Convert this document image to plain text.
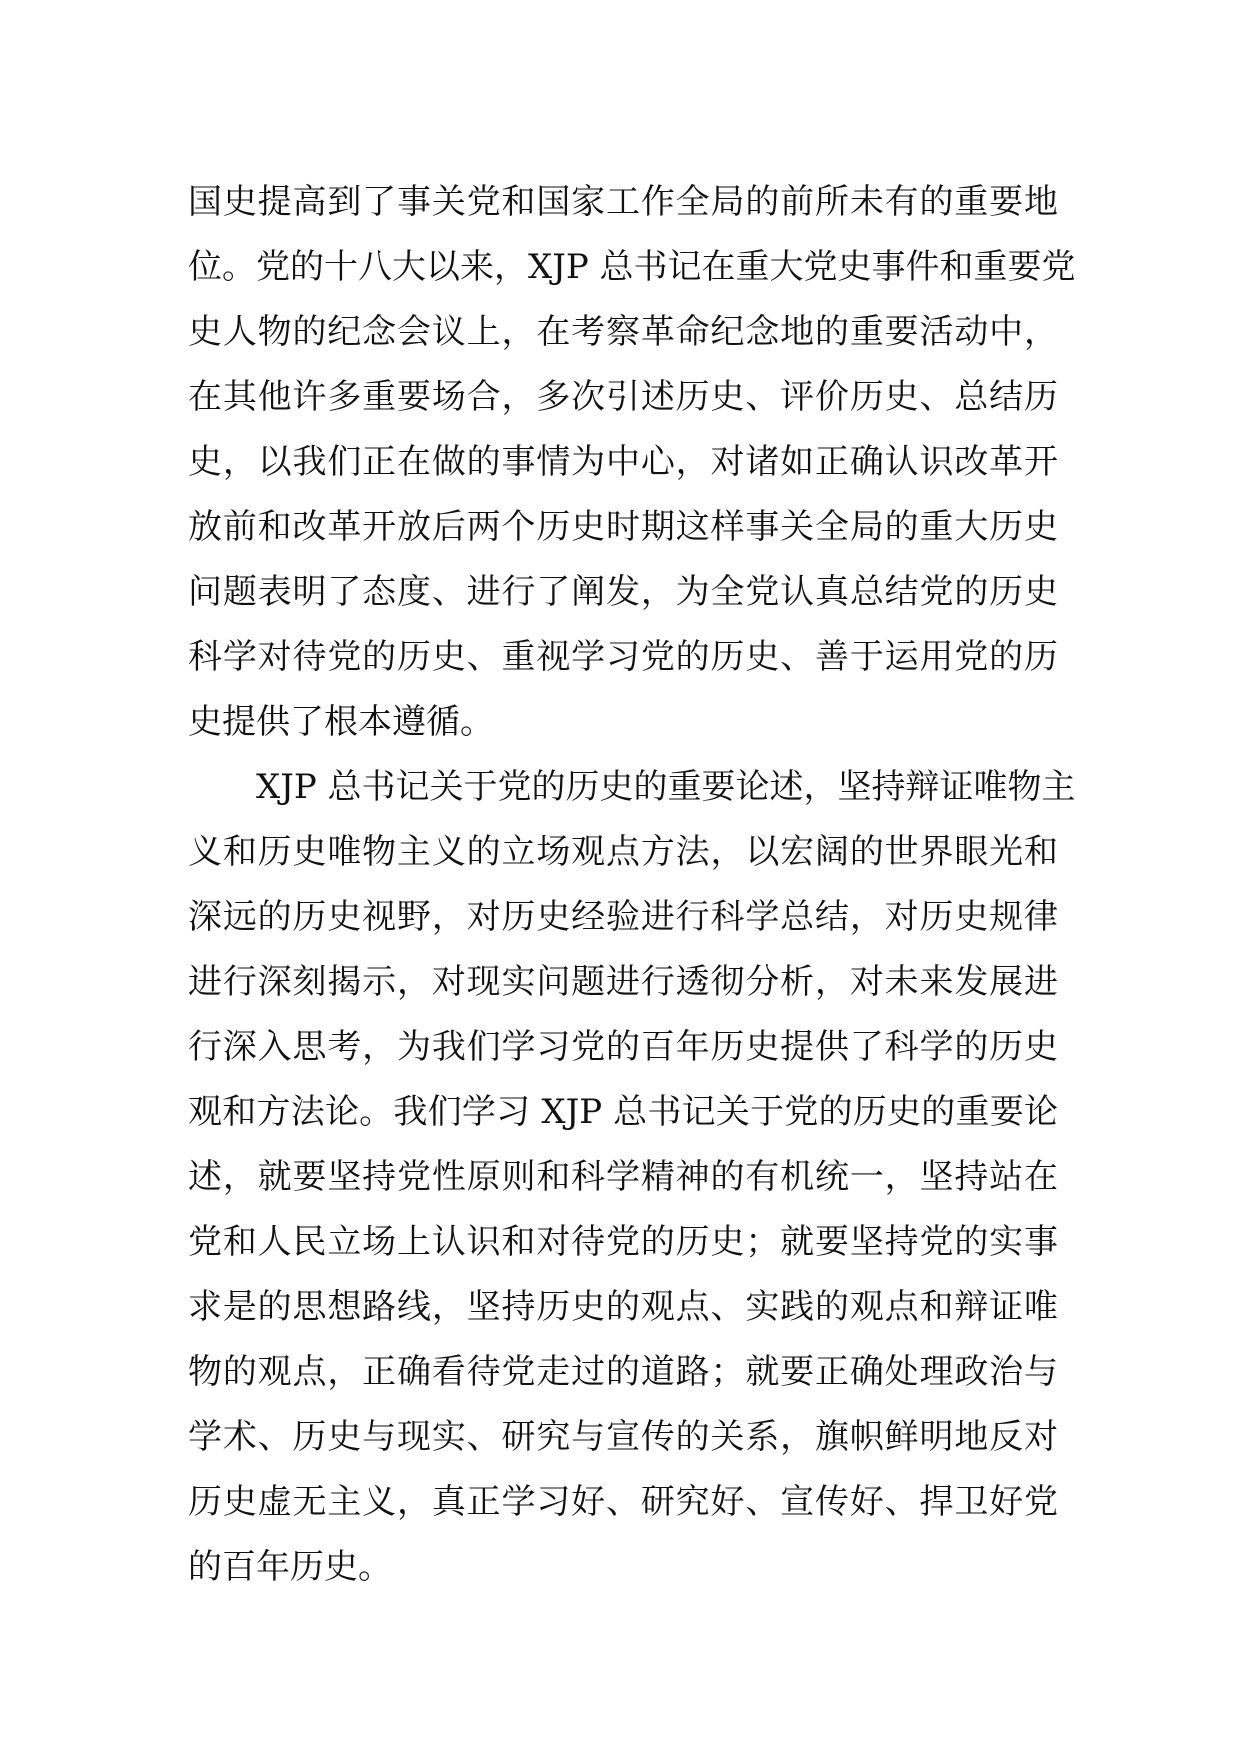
国史提高到了事关党和国家工作全局的前所未有的重要地

位。党的十八大以来，XJP 总书记在重大党史事件和重要党

史人物的纪念会议上，在考察革命纪念地的重要活动中，

在其他许多重要场合，多次引述历史、评价历史、总结历

史，以我们正在做的事情为中心，对诸如正确认识改革开

放前和改革开放后两个历史时期这样事关全局的重大历史

问题表明了态度、进行了阐发，为全党认真总结党的历史

科学对待党的历史、重视学习党的历史、善于运用党的历

史提供了根本遵循。

XJP 总书记关于党的历史的重要论述，坚持辩证唯物主

义和历史唯物主义的立场观点方法，以宏阔的世界眼光和

深远的历史视野，对历史经验进行科学总结，对历史规律

进行深刻揭示，对现实问题进行透彻分析，对未来发展进

行深入思考，为我们学习党的百年历史提供了科学的历史

观和方法论。我们学习 XJP 总书记关于党的历史的重要论

述，就要坚持党性原则和科学精神的有机统一，坚持站在

党和人民立场上认识和对待党的历史；就要坚持党的实事

求是的思想路线，坚持历史的观点、实践的观点和辩证唯

物的观点，正确看待党走过的道路；就要正确处理政治与

学术、历史与现实、研究与宣传的关系，旗帜鲜明地反对

历史虚无主义，真正学习好、研究好、宣传好、捍卫好党

的百年历史。
